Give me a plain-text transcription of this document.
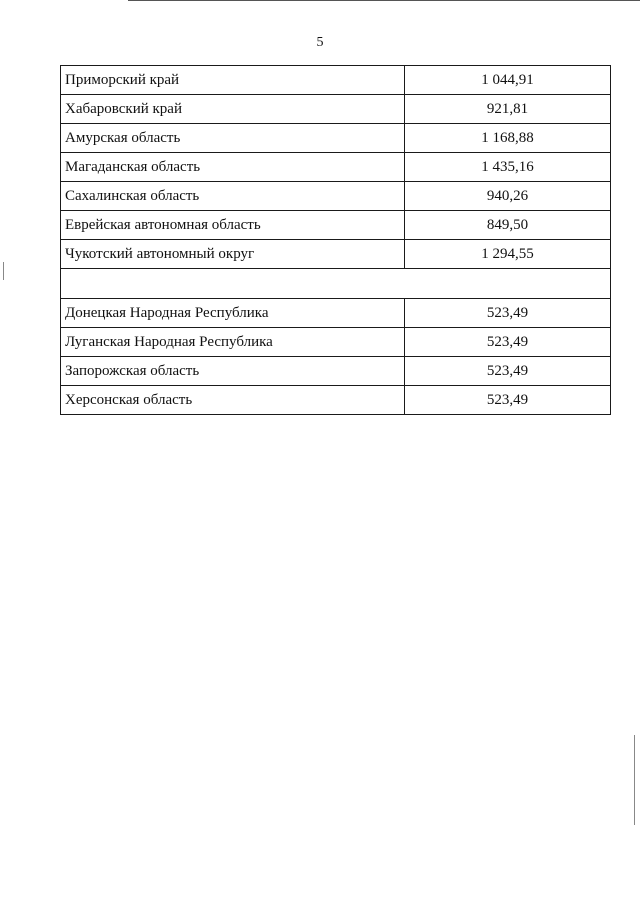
5
Приморский край	1 044,91
Хабаровский край	921,81
Амурская область	1 168,88
Магаданская область	1 435,16
Сахалинская область	940,26
Еврейская автономная область	849,50
Чукотский автономный округ	1 294,55

Донецкая Народная Республика	523,49
Луганская Народная Республика	523,49
Запорожская область	523,49
Херсонская область	523,49
